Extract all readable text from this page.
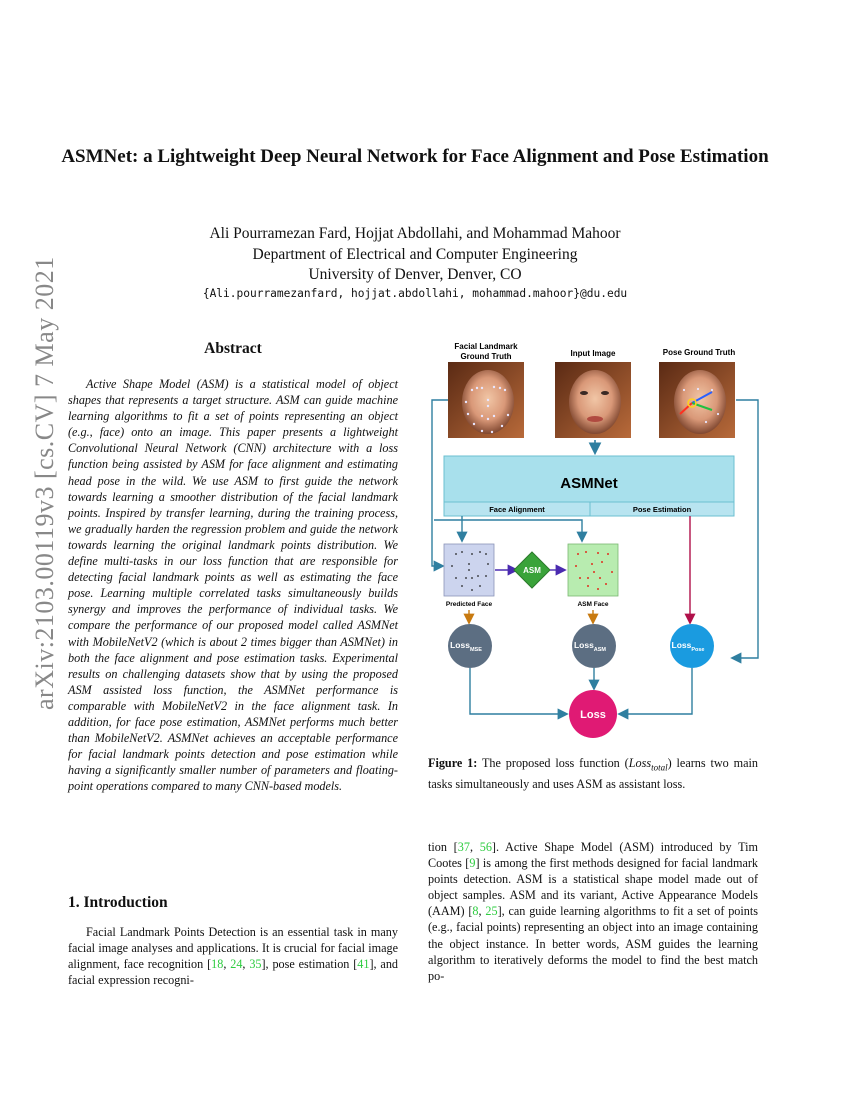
arXiv:2103.00119v3 [cs.CV] 7 May 2021
ASMNet: a Lightweight Deep Neural Network for Face Alignment and Pose Estimation
Ali Pourramezan Fard, Hojjat Abdollahi, and Mohammad Mahoor
Department of Electrical and Computer Engineering
University of Denver, Denver, CO
{Ali.pourramezanfard, hojjat.abdollahi, mohammad.mahoor}@du.edu
Abstract
Active Shape Model (ASM) is a statistical model of object shapes that represents a target structure. ASM can guide machine learning algorithms to fit a set of points representing an object (e.g., face) onto an image. This paper presents a lightweight Convolutional Neural Network (CNN) architecture with a loss function being assisted by ASM for face alignment and estimating head pose in the wild. We use ASM to first guide the network towards learning a smoother distribution of the facial landmark points. Inspired by transfer learning, during the training process, we gradually harden the regression problem and guide the network towards learning the original landmark points distribution. We define multi-tasks in our loss function that are responsible for detecting facial landmark points as well as estimating the face pose. Learning multiple correlated tasks simultaneously builds synergy and improves the performance of individual tasks. We compare the performance of our proposed model called ASMNet with MobileNetV2 (which is about 2 times bigger than ASMNet) in both the face alignment and pose estimation tasks. Experimental results on challenging datasets show that by using the proposed ASM assisted loss function, the ASMNet performance is comparable with MobileNetV2 in the face alignment task. In addition, for face pose estimation, ASMNet performs much better than MobileNetV2. ASMNet achieves an acceptable performance for facial landmark points detection and pose estimation while having a significantly smaller number of parameters and floating-point operations compared to many CNN-based models.
1. Introduction
Facial Landmark Points Detection is an essential task in many facial image analyses and applications. It is crucial for facial image alignment, face recognition [18, 24, 35], pose estimation [41], and facial expression recogni-
tion [37, 56]. Active Shape Model (ASM) introduced by Tim Cootes [9] is among the first methods designed for facial landmark points detection. ASM is a statistical shape model made out of object samples. ASM and its variant, Active Appearance Models (AAM) [8, 25], can guide learning algorithms to fit a set of points (e.g., facial points) representing an object into an image containing the object instance. In better words, ASM guides the learning algorithm to iteratively deforms the model to find the best match po-
Figure 1: The proposed loss function (Loss$_{total}$) learns two main tasks simultaneously and uses ASM as assistant loss.
Facial Landmark
Ground Truth	Input Image	Pose Ground Truth
ASMNet
Face Alignment	Pose Estimation
Predicted Face
ASM
ASM Face
Loss$_{MSE}$	Loss$_{ASM}$	Loss$_{Pose}$
Loss
